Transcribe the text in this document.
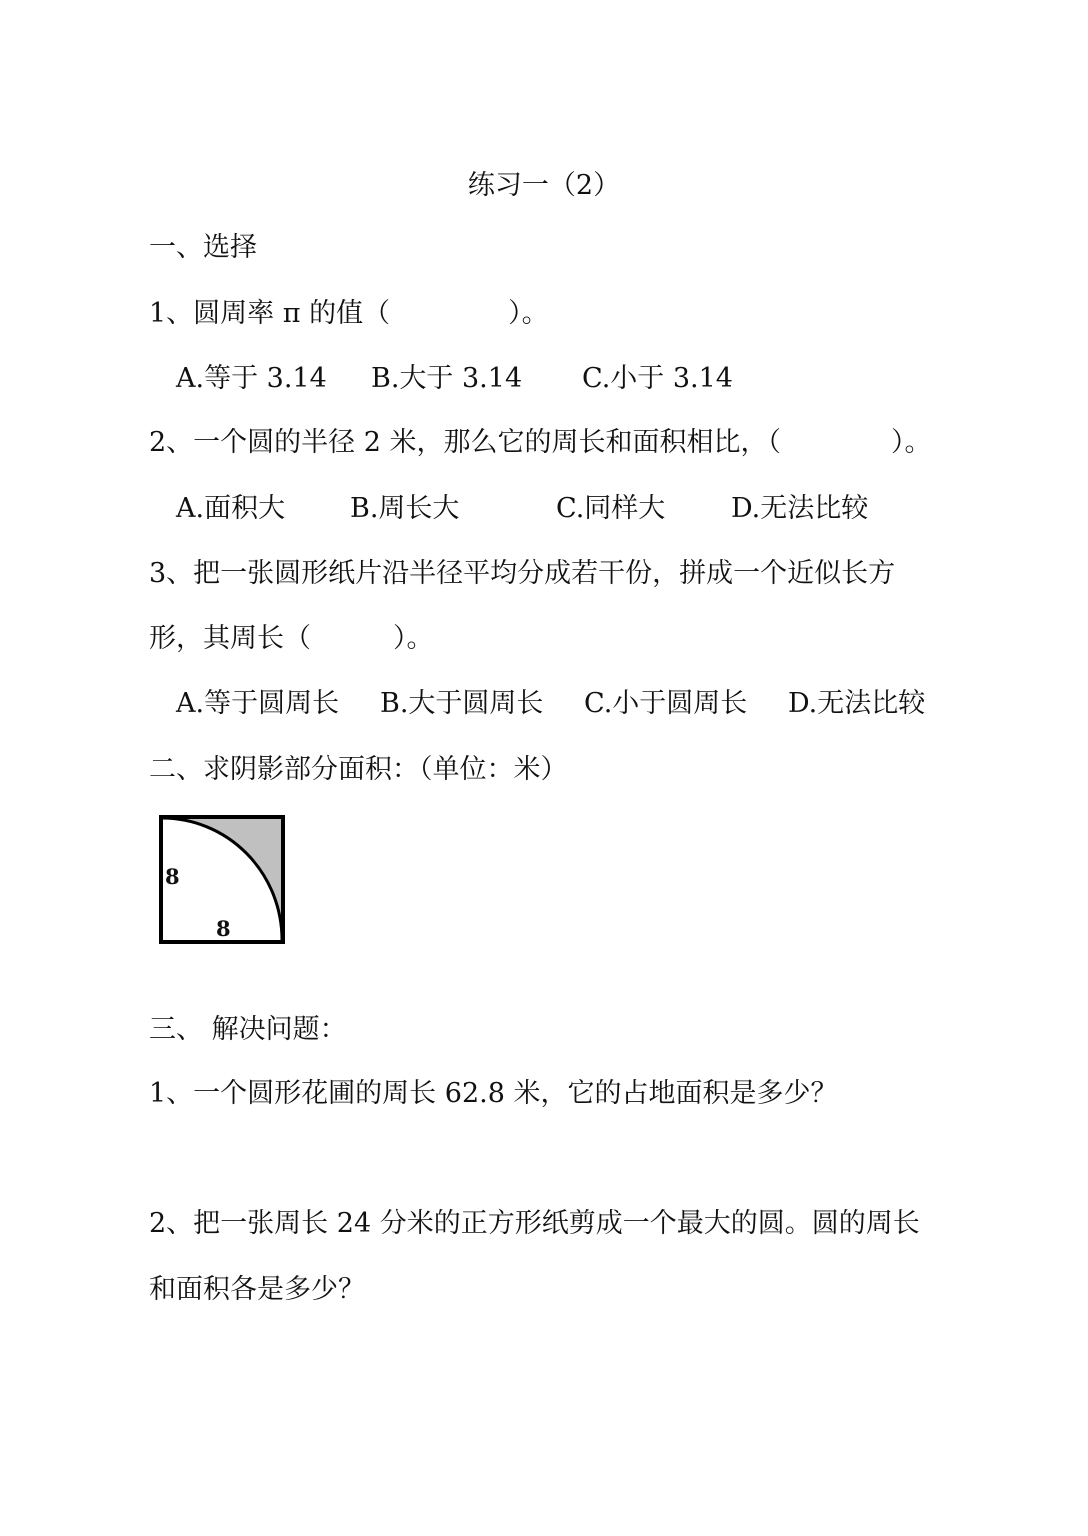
练习一（2）
一、选择
1、圆周率 π 的值（	）。
A.等于 3.14 B.大于 3.14 C.小于 3.14
2、一个圆的半径 2 米，那么它的周长和面积相比，（	）。
A.面积大 B.周长大	C.同样大 D.无法比较
3、把一张圆形纸片沿半径平均分成若干份，拼成一个近似长方
形，其周长（	）。
A.等于圆周长 B.大于圆周长 C.小于圆周长 D.无法比较
二、求阴影部分面积：（单位：米）
8
8
三、 解决问题：
1、一个圆形花圃的周长 62.8 米，它的占地面积是多少？
2、把一张周长 24 分米的正方形纸剪成一个最大的圆。圆的周长
和面积各是多少？
